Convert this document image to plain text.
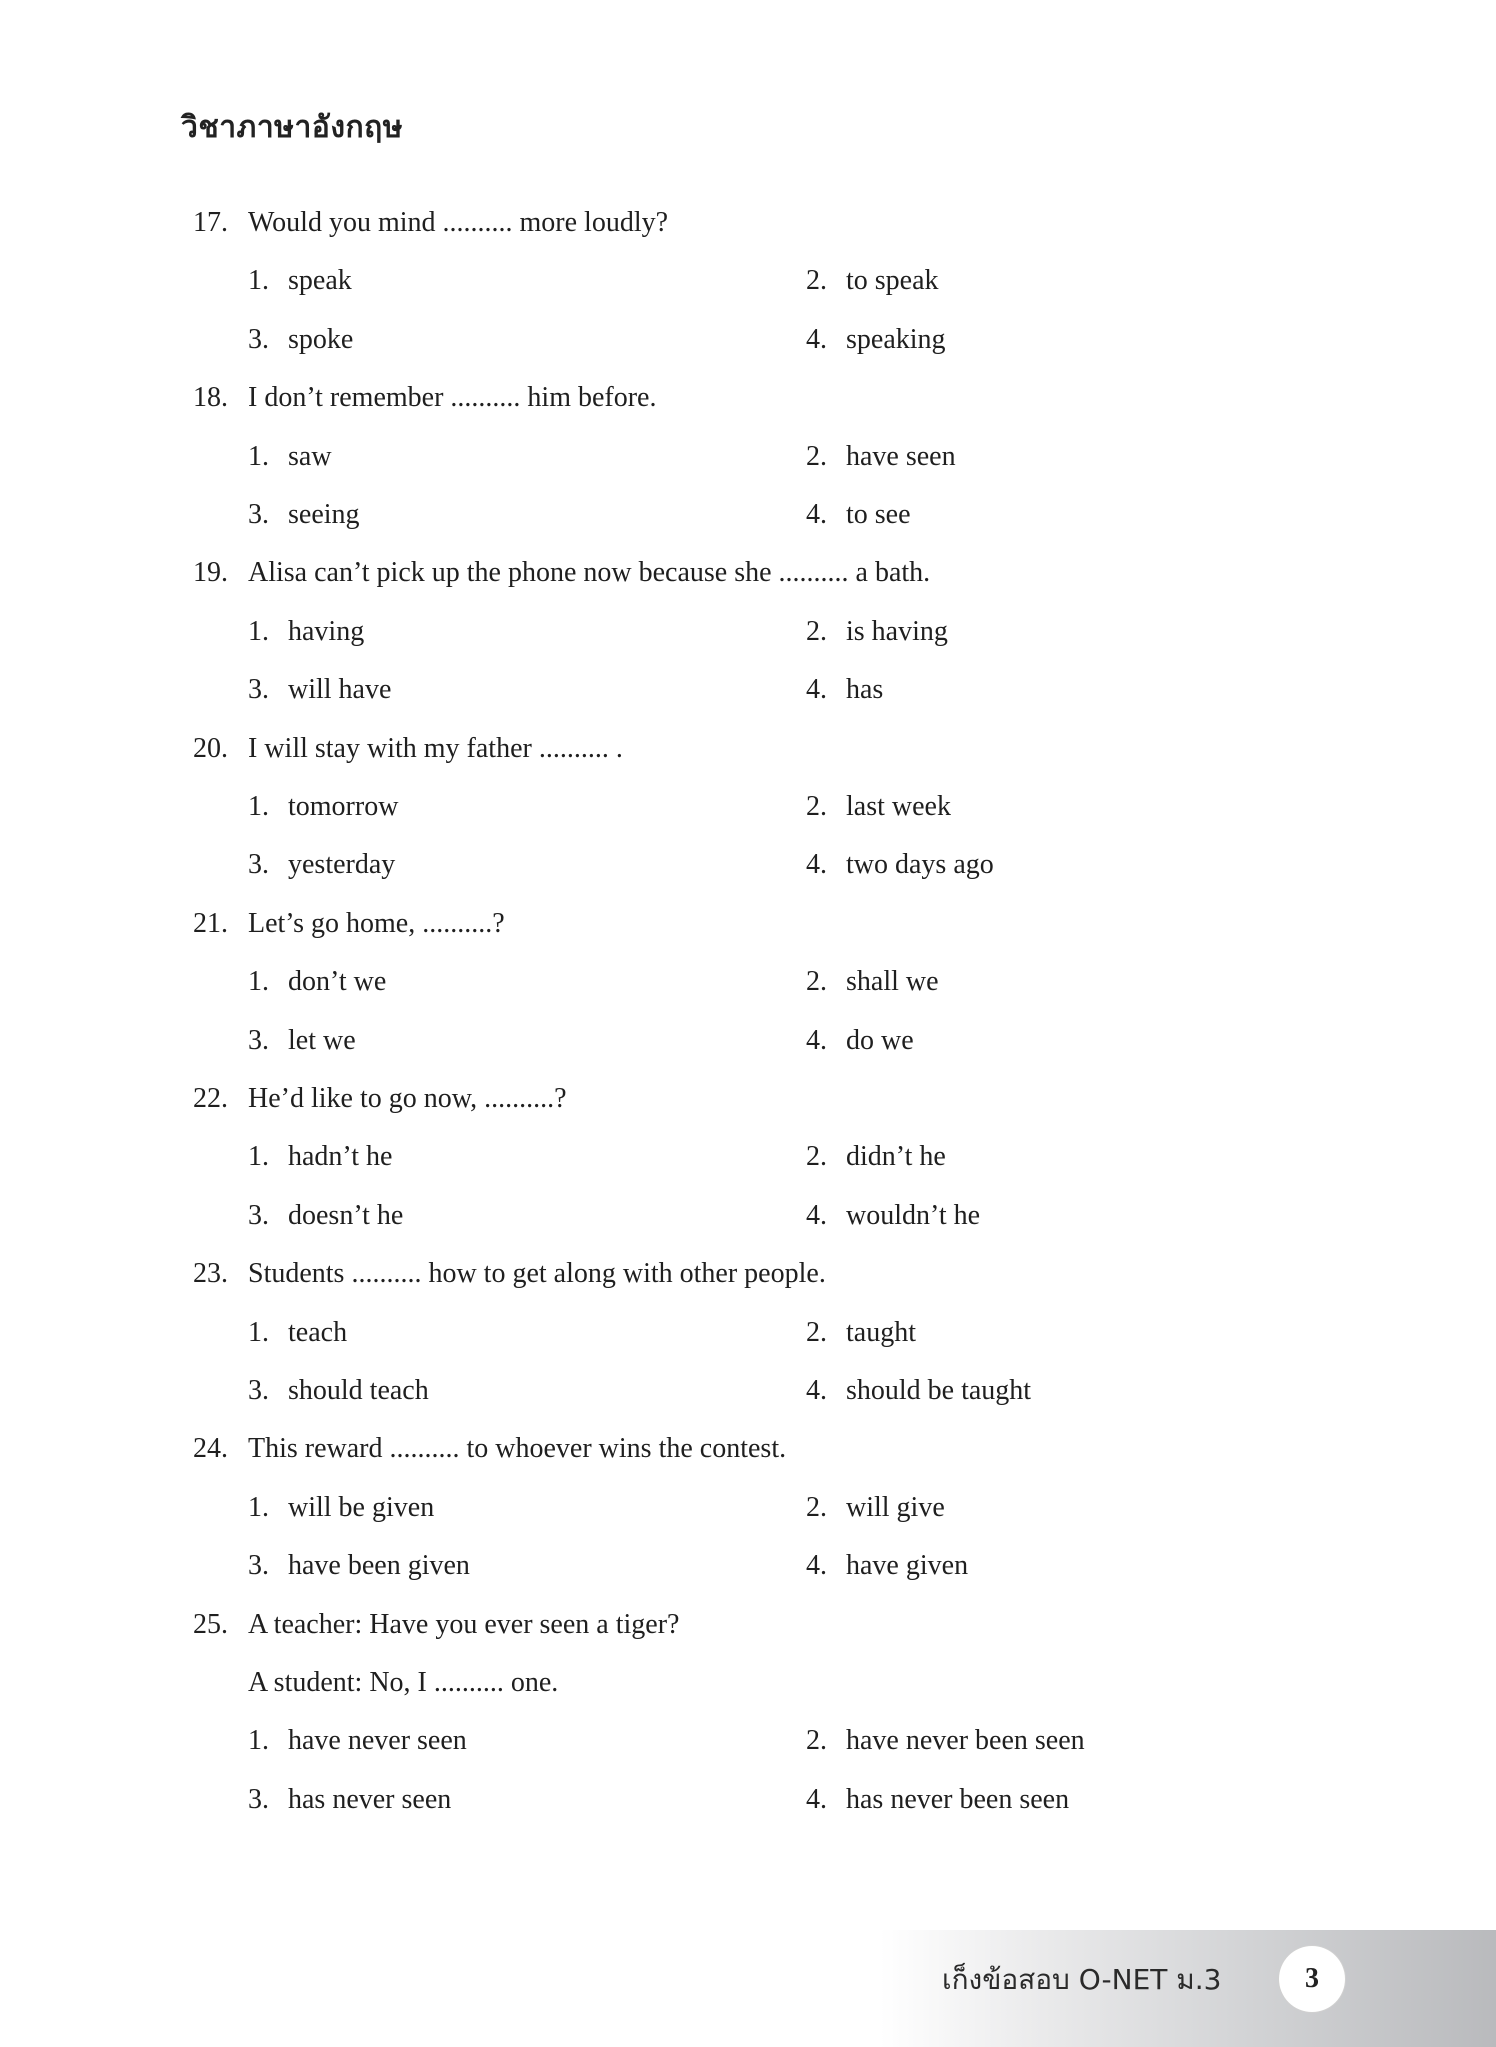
วิชาภาษาอังกฤษ
17. Would you mind .......... more loudly?
1. speak	2. to speak
3. spoke	4. speaking
18. I don’t remember .......... him before.
1. saw	2. have seen
3. seeing	4. to see
19. Alisa can’t pick up the phone now because she .......... a bath.
1. having	2. is having
3. will have	4. has
20. I will stay with my father .......... .
1. tomorrow	2. last week
3. yesterday	4. two days ago
21. Let’s go home, ..........?
1. don’t we	2. shall we
3. let we	4. do we
22. He’d like to go now, ..........?
1. hadn’t he	2. didn’t he
3. doesn’t he	4. wouldn’t he
23. Students .......... how to get along with other people.
1. teach	2. taught
3. should teach	4. should be taught
24. This reward .......... to whoever wins the contest.
1. will be given	2. will give
3. have been given	4. have given
25. A teacher: Have you ever seen a tiger?
A student: No, I .......... one.
1. have never seen	2. have never been seen
3. has never seen	4. has never been seen
เก็งข้อสอบ O-NET ม.3	3
